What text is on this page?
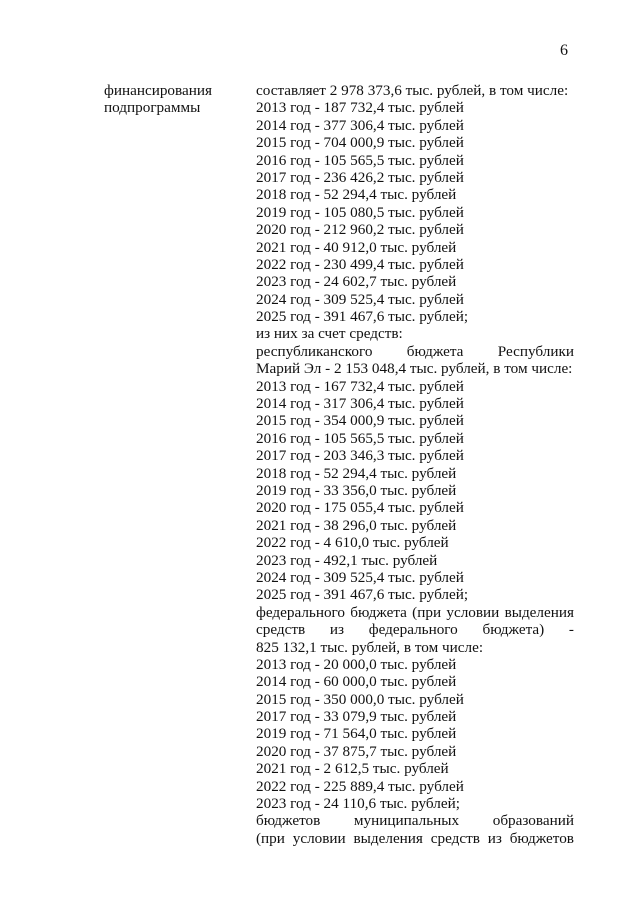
6
финансирования
подпрограммы
составляет 2 978 373,6 тыс. рублей, в том числе:
2013 год - 187 732,4 тыс. рублей
2014 год - 377 306,4 тыс. рублей
2015 год - 704 000,9 тыс. рублей
2016 год - 105 565,5 тыс. рублей
2017 год - 236 426,2 тыс. рублей
2018 год - 52 294,4 тыс. рублей
2019 год - 105 080,5 тыс. рублей
2020 год - 212 960,2 тыс. рублей
2021 год - 40 912,0 тыс. рублей
2022 год - 230 499,4 тыс. рублей
2023 год - 24 602,7 тыс. рублей
2024 год - 309 525,4 тыс. рублей
2025 год - 391 467,6 тыс. рублей;
из них за счет средств:
республиканского бюджета Республики
Марий Эл - 2 153 048,4 тыс. рублей, в том числе:
2013 год - 167 732,4 тыс. рублей
2014 год - 317 306,4 тыс. рублей
2015 год - 354 000,9 тыс. рублей
2016 год - 105 565,5 тыс. рублей
2017 год - 203 346,3 тыс. рублей
2018 год - 52 294,4 тыс. рублей
2019 год - 33 356,0 тыс. рублей
2020 год - 175 055,4 тыс. рублей
2021 год - 38 296,0 тыс. рублей
2022 год - 4 610,0 тыс. рублей
2023 год - 492,1 тыс. рублей
2024 год - 309 525,4 тыс. рублей
2025 год - 391 467,6 тыс. рублей;
федерального бюджета (при условии выделения
средств из федерального бюджета) -
825 132,1 тыс. рублей, в том числе:
2013 год - 20 000,0 тыс. рублей
2014 год - 60 000,0 тыс. рублей
2015 год - 350 000,0 тыс. рублей
2017 год - 33 079,9 тыс. рублей
2019 год - 71 564,0 тыс. рублей
2020 год - 37 875,7 тыс. рублей
2021 год - 2 612,5 тыс. рублей
2022 год - 225 889,4 тыс. рублей
2023 год - 24 110,6 тыс. рублей;
бюджетов муниципальных образований
(при условии выделения средств из бюджетов
